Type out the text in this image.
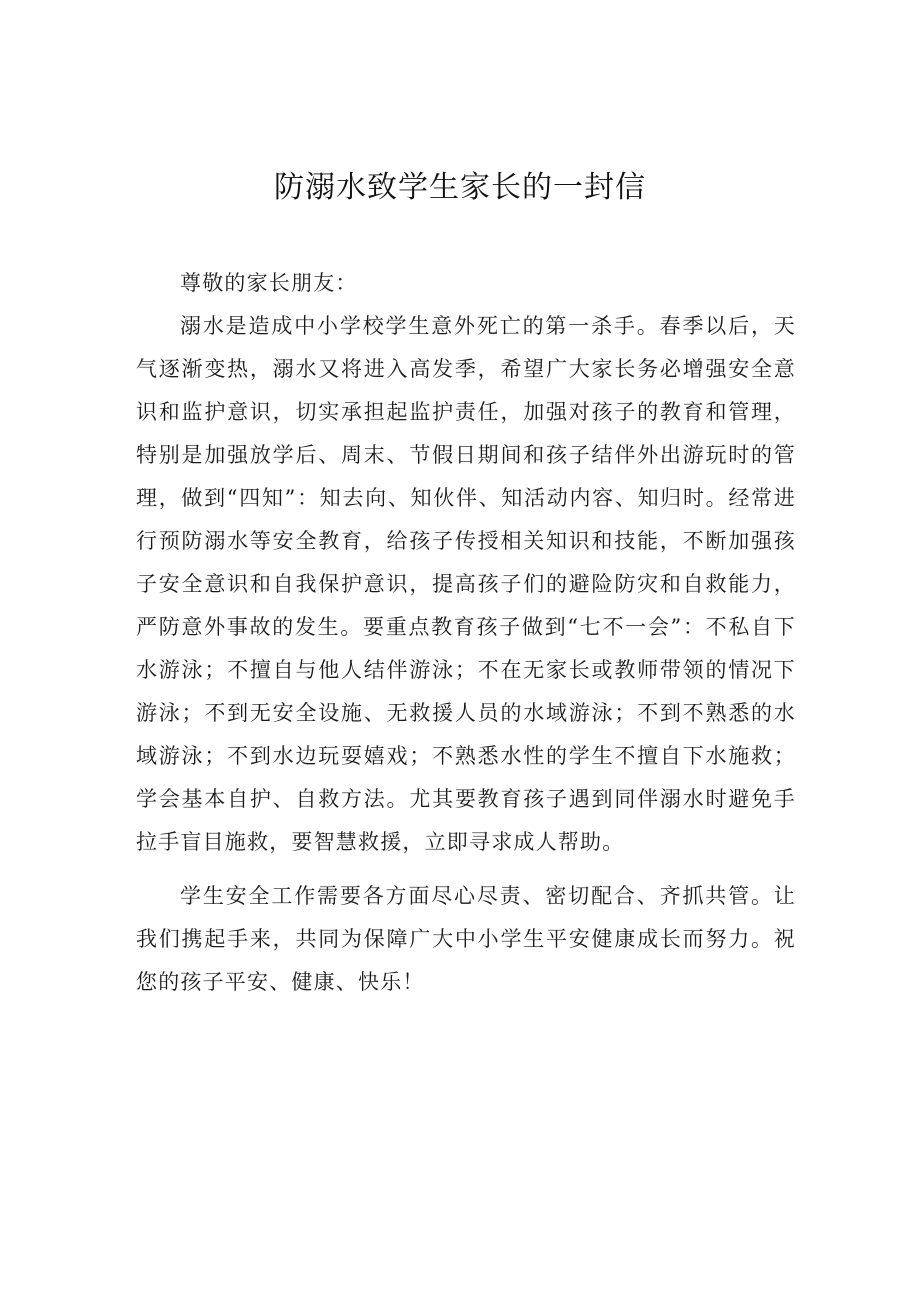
防溺水致学生家长的一封信

尊敬的家长朋友：

溺水是造成中小学校学生意外死亡的第一杀手。春季以后，天气逐渐变热，溺水又将进入高发季，希望广大家长务必增强安全意识和监护意识，切实承担起监护责任，加强对孩子的教育和管理，特别是加强放学后、周末、节假日期间和孩子结伴外出游玩时的管理，做到“四知”：知去向、知伙伴、知活动内容、知归时。经常进行预防溺水等安全教育，给孩子传授相关知识和技能，不断加强孩子安全意识和自我保护意识，提高孩子们的避险防灾和自救能力，严防意外事故的发生。要重点教育孩子做到“七不一会”：不私自下水游泳；不擅自与他人结伴游泳；不在无家长或教师带领的情况下游泳；不到无安全设施、无救援人员的水域游泳；不到不熟悉的水域游泳；不到水边玩耍嬉戏；不熟悉水性的学生不擅自下水施救；学会基本自护、自救方法。尤其要教育孩子遇到同伴溺水时避免手拉手盲目施救，要智慧救援，立即寻求成人帮助。

学生安全工作需要各方面尽心尽责、密切配合、齐抓共管。让我们携起手来，共同为保障广大中小学生平安健康成长而努力。祝您的孩子平安、健康、快乐！
